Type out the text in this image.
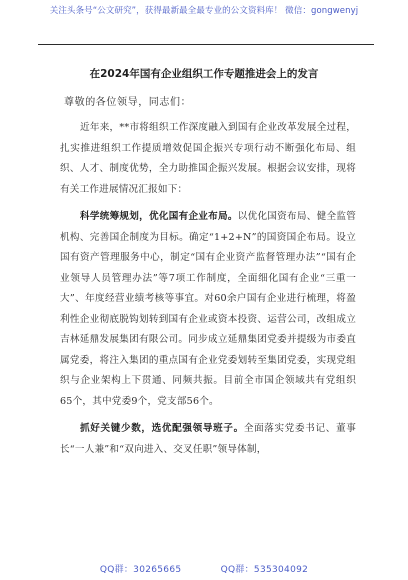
关注头条号“公文研究”，获得最新最全最专业的公文资料库！ 微信：gongwenyj
在2024年国有企业组织工作专题推进会上的发言
尊敬的各位领导，同志们：

近年来，**市将组织工作深度融入到国有企业改革发展全过程，扎实推进组织工作提质增效促国企振兴专项行动不断强化布局、组织、人才、制度优势，全力助推国企振兴发展。根据会议安排，现将有关工作进展情况汇报如下：

科学统筹规划，优化国有企业布局。以优化国资布局、健全监管机构、完善国企制度为目标。确定“1+2+N”的国资国企布局。设立国有资产管理服务中心，制定“国有企业资产监督管理办法”“国有企业领导人员管理办法”等7项工作制度，全面细化国有企业“三重一大”、年度经营业绩考核等事宜。对60余户国有企业进行梳理，将盈利性企业彻底脱钩划转到国有企业或资本投资、运营公司，改组成立吉林延鼎发展集团有限公司。同步成立延鼎集团党委并提级为市委直属党委，将注入集团的重点国有企业党委划转至集团党委，实现党组织与企业架构上下贯通、同频共振。目前全市国企领域共有党组织65个，其中党委9个，党支部56个。

抓好关键少数，选优配强领导班子。全面落实党委书记、董事长“一人兼”和“双向进入、交叉任职”领导体制，

QQ群：30265665	QQ群：535304092
